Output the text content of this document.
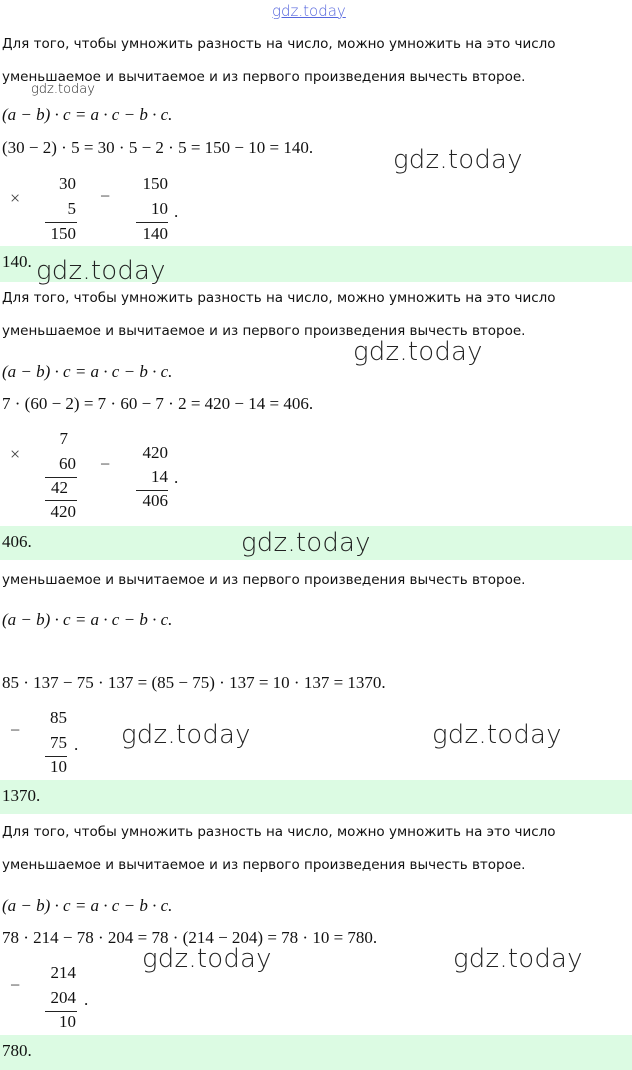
gdz.today
Для того, чтобы умножить разность на число, можно умножить на это число
уменьшаемое и вычитаемое и из первого произведения вычесть второе.
gdz.today
(a − b) · c = a · c − b · c.
(30 − 2) · 5 = 30 · 5 − 2 · 5 = 150 − 10 = 140.	gdz.today
×
30
5
150
−
150
10
140
.
140. gdz.today
Для того, чтобы умножить разность на число, можно умножить на это число
уменьшаемое и вычитаемое и из первого произведения вычесть второе.
gdz.today
(a − b) · c = a · c − b · c.
7 · (60 − 2) = 7 · 60 − 7 · 2 = 420 − 14 = 406.
×
7
60
42
420
−
420
14
406
.
406.	gdz.today
уменьшаемое и вычитаемое и из первого произведения вычесть второе.
(a − b) · c = a · c − b · c.
85 · 137 − 75 · 137 = (85 − 75) · 137 = 10 · 137 = 1370.
−
85
75
10
. gdz.today	gdz.today
1370.
Для того, чтобы умножить разность на число, можно умножить на это число
уменьшаемое и вычитаемое и из первого произведения вычесть второе.
(a − b) · c = a · c − b · c.
78 · 214 − 78 · 204 = 78 · (214 − 204) = 78 · 10 = 780.
gdz.today	gdz.today
−
214
204
10
.
780.
